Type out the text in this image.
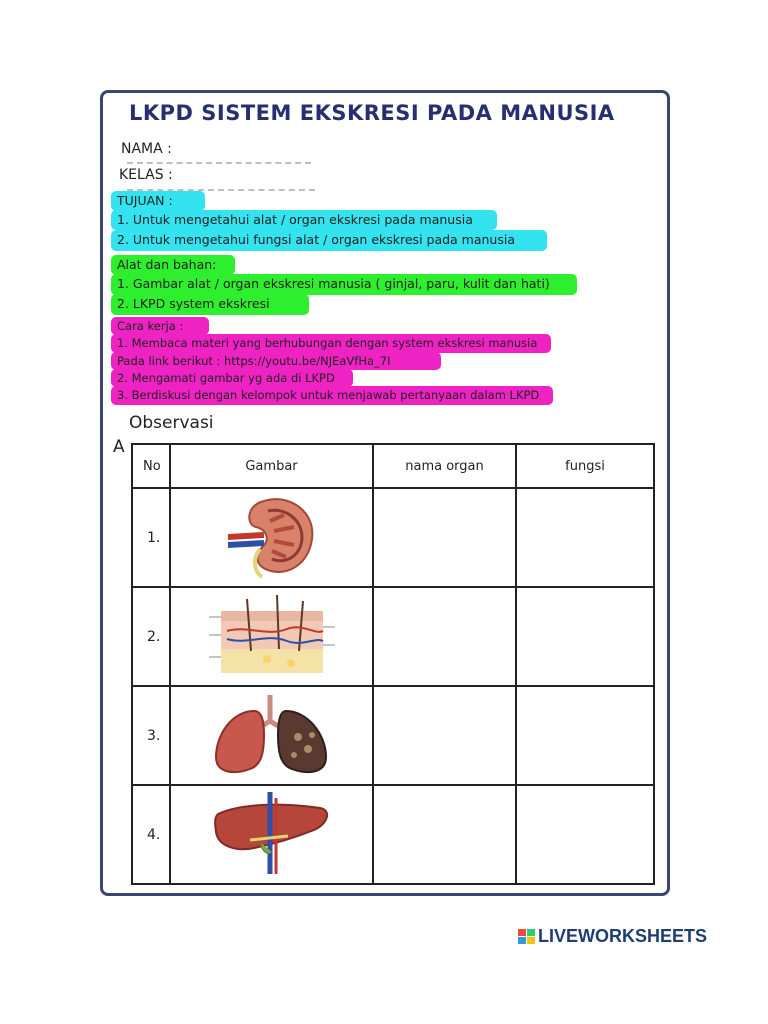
LKPD SISTEM EKSKRESI PADA MANUSIA
NAMA :
KELAS :
TUJUAN :
1. Untuk mengetahui alat / organ ekskresi pada manusia
2. Untuk mengetahui fungsi alat / organ ekskresi pada manusia
Alat dan bahan:
1. Gambar alat / organ ekskresi manusia ( ginjal, paru, kulit dan hati)
2. LKPD system ekskresi
Cara kerja :
1. Membaca materi yang berhubungan dengan system ekskresi manusia
Pada link berikut : https://youtu.be/NJEaVfHa_7I
2. Mengamati gambar yg ada di LKPD
3. Berdiskusi dengan kelompok untuk menjawab pertanyaan dalam LKPD
Observasi
A
No	Gambar	nama organ	fungsi
1.			
2.			
3.			
4.			
LIVEWORKSHEETS
